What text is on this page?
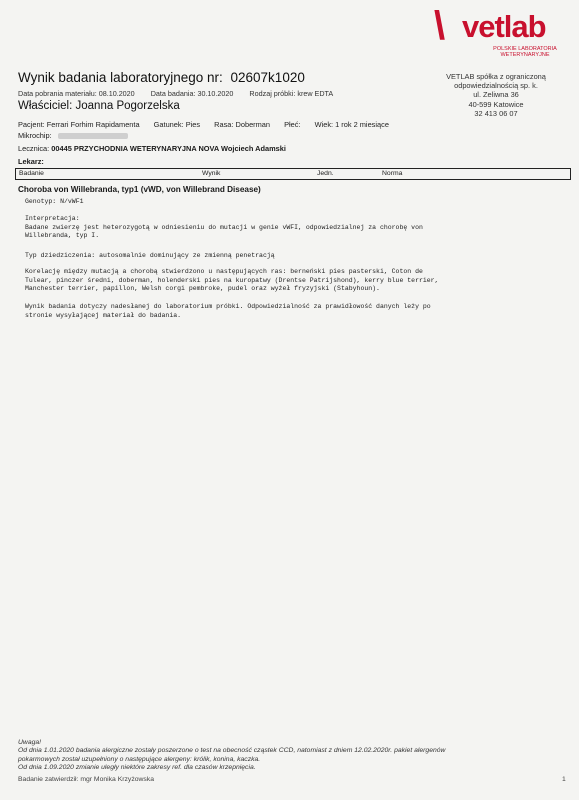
\ vetlab
POLSKIE LABORATORIA
WETERYNARYJNE
Wynik badania laboratoryjnego nr: 02607k1020
Data pobrania materiału: 08.10.2020 Data badania: 30.10.2020 Rodzaj próbki: krew EDTA
VETLAB spółka z ograniczoną
odpowiedzialnością sp. k.
ul. Zeliwna 36
40-599 Katowice
32 413 06 07
Właściciel: Joanna Pogorzelska
Pacjent: Ferrari Forhim Rapidamenta Gatunek: Pies Rasa: Doberman Płeć: Wiek: 1 rok 2 miesiące
Mikrochip:
Lecznica: 00445 PRZYCHODNIA WETERYNARYJNA NOVA Wojciech Adamski
Lekarz:
Badanie	Wynik	Jedn.	Norma
Choroba von Willebranda, typ1 (vWD, von Willebrand Disease)
Genotyp: N/vWF1
Interpretacja:
Badane zwierzę jest heterozygotą w odniesieniu do mutacji w genie vWFI, odpowiedzialnej za chorobę von
Willebranda, typ I.
Typ dziedziczenia: autosomalnie dominujący ze zmienną penetracją
Korelację między mutacją a chorobą stwierdzono u następujących ras: berneński pies pasterski, Coton de
Tulear, pinczer średni, doberman, holenderski pies na kuropatwy (Drentse Patrijshond), kerry blue terrier,
Manchester terrier, papillon, Welsh corgi pembroke, pudel oraz wyżeł fryzyjski (Stabyhoun).
Wynik badania dotyczy nadesłanej do laboratorium próbki. Odpowiedzialność za prawidłowość danych leży po
stronie wysyłającej materiał do badania.
Uwaga!
Od dnia 1.01.2020 badania alergiczne zostały poszerzone o test na obecność cząstek CCD, natomiast z dniem 12.02.2020r. pakiet alergenów
pokarmowych został uzupełniony o następujące alergeny: królik, konina, kaczka.
Od dnia 1.09.2020 zmianie uległy niektóre zakresy ref. dla czasów krzepnięcia.
Badanie zatwierdził: mgr Monika Krzyżowska	1
